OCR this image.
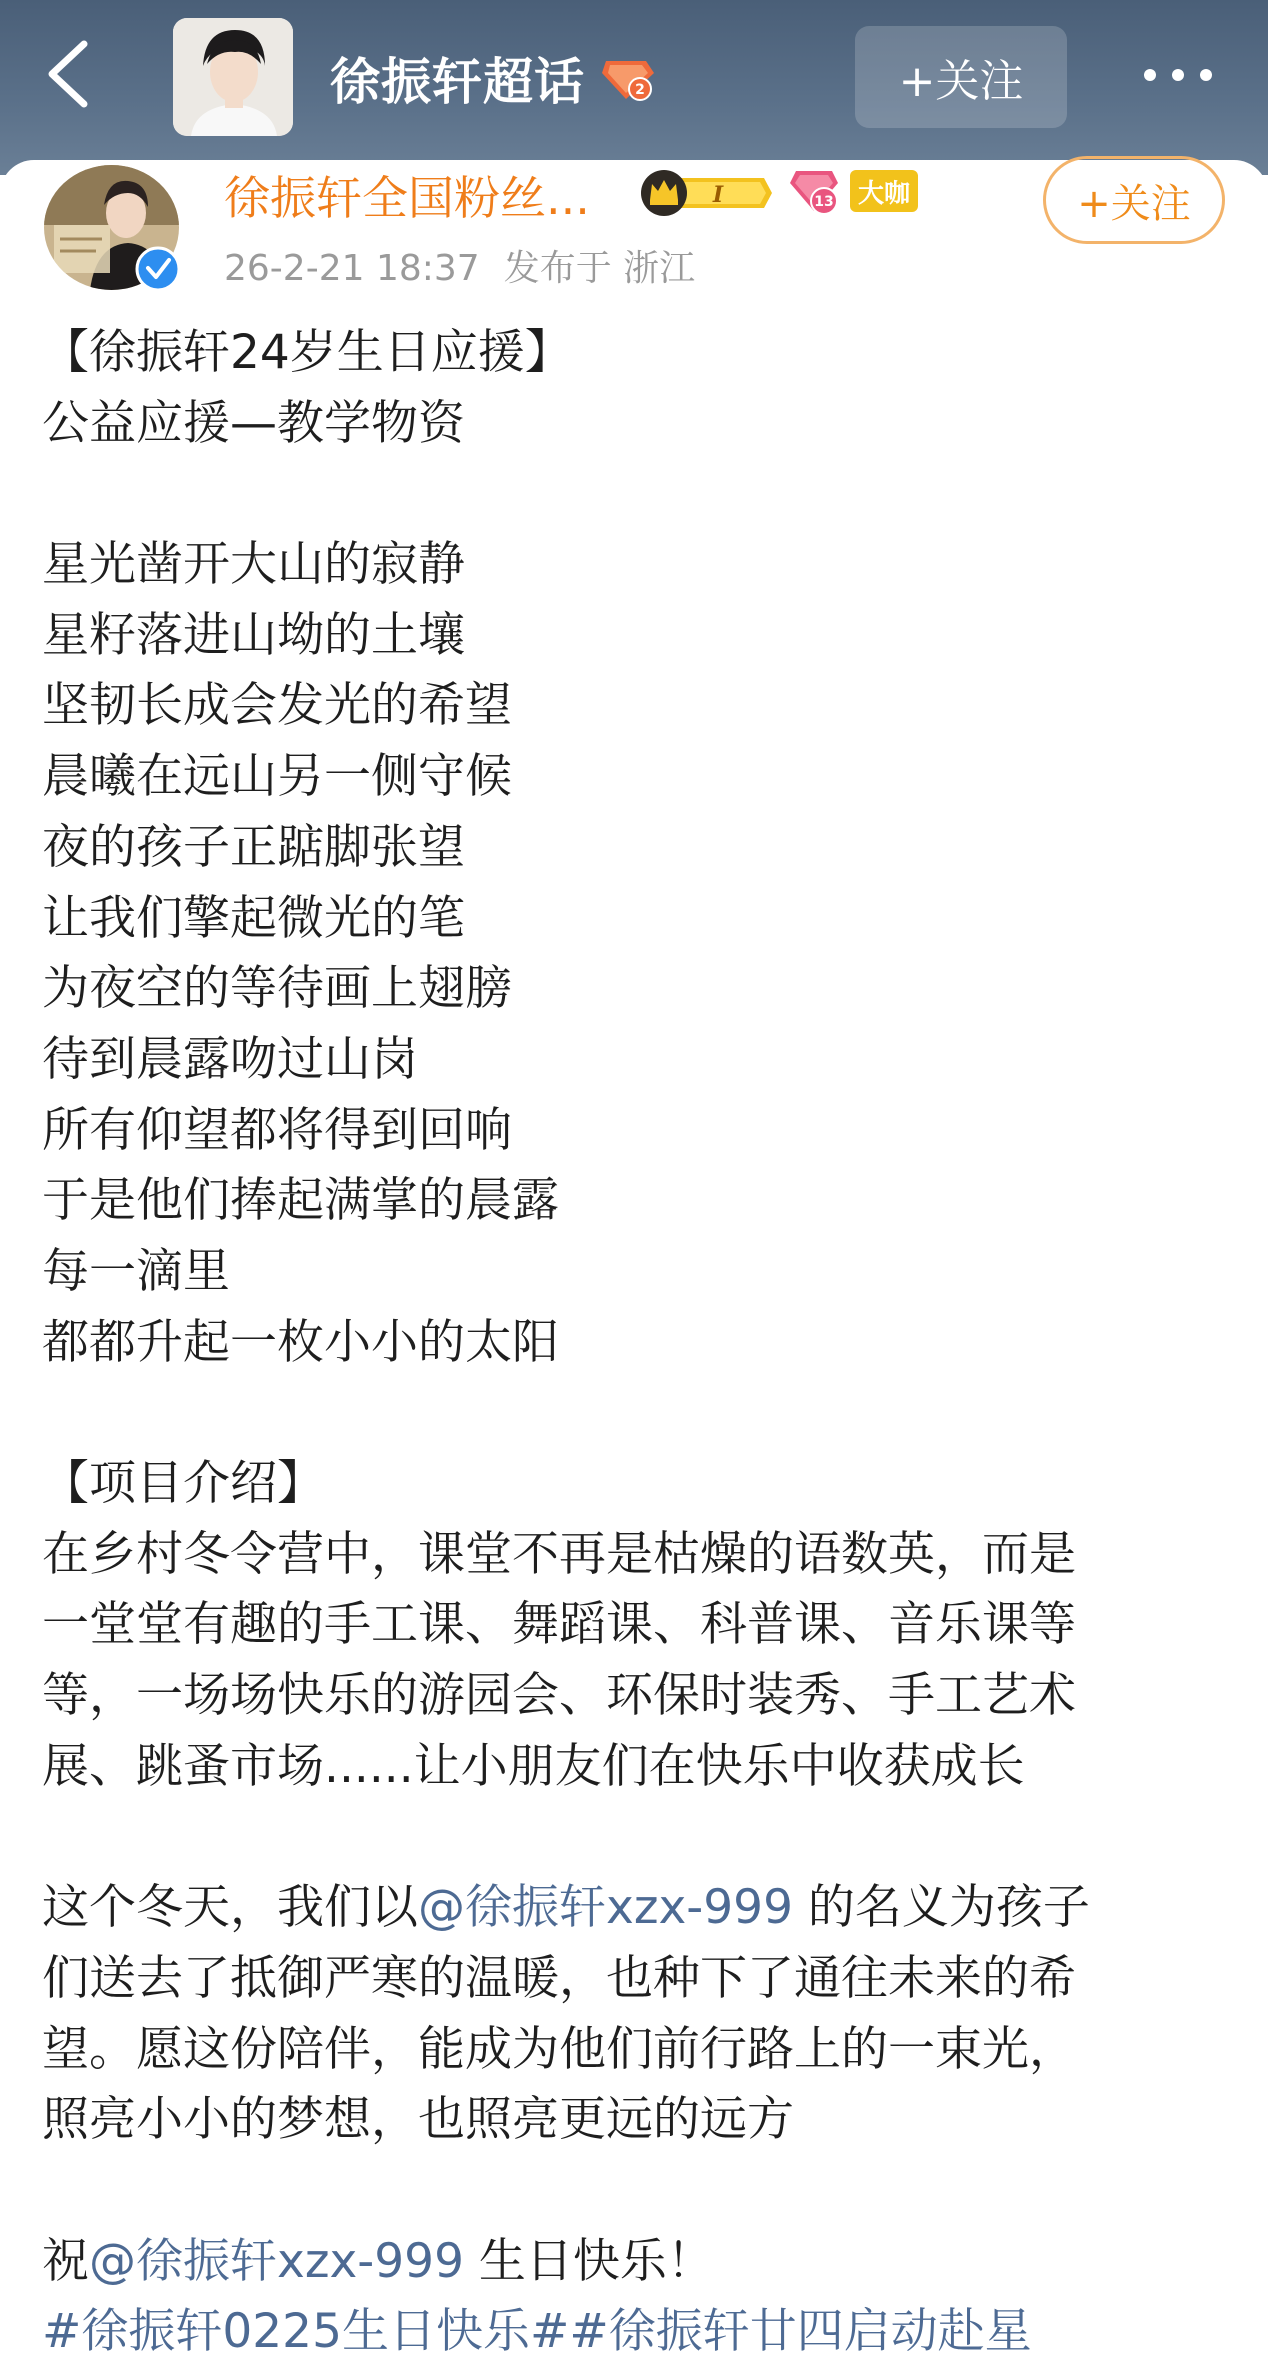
徐振轩超话	2	+关注
徐振轩全国粉丝...	I	13 大咖	+关注
26-2-21 18:37 发布于 浙江
【徐振轩24岁生日应援】
公益应援—教学物资
星光凿开大山的寂静
星籽落进山坳的土壤
坚韧长成会发光的希望
晨曦在远山另一侧守候
夜的孩子正踮脚张望
让我们擎起微光的笔
为夜空的等待画上翅膀
待到晨露吻过山岗
所有仰望都将得到回响
于是他们捧起满掌的晨露
每一滴里
都都升起一枚小小的太阳
【项目介绍】
在乡村冬令营中，课堂不再是枯燥的语数英，而是
一堂堂有趣的手工课、舞蹈课、科普课、音乐课等
等，一场场快乐的游园会、环保时装秀、手工艺术
展、跳蚤市场......让小朋友们在快乐中收获成长
这个冬天，我们以@徐振轩xzx-999 的名义为孩子
们送去了抵御严寒的温暖，也种下了通往未来的希
望。愿这份陪伴，能成为他们前行路上的一束光，
照亮小小的梦想，也照亮更远的远方
祝@徐振轩xzx-999 生日快乐！
#徐振轩0225生日快乐##徐振轩廿四启动赴星
